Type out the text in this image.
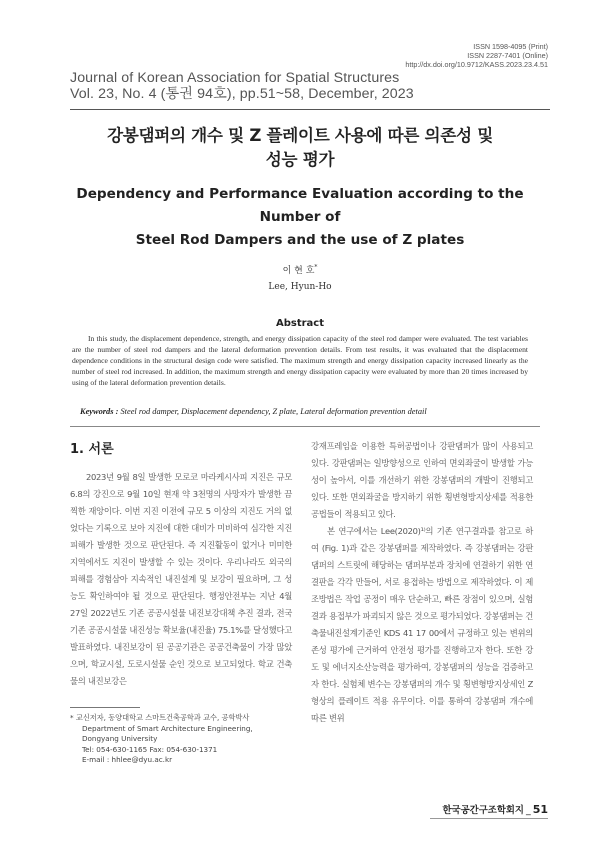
ISSN 1598-4095 (Print)
ISSN 2287-7401 (Online)
http://dx.doi.org/10.9712/KASS.2023.23.4.51
Journal of Korean Association for Spatial Structures
Vol. 23, No. 4 (통권 94호), pp.51~58, December, 2023
강봉댐퍼의 개수 및 Z 플레이트 사용에 따른 의존성 및
성능 평가
Dependency and Performance Evaluation according to the Number of
Steel Rod Dampers and the use of Z plates
이 현 호*
Lee, Hyun-Ho
Abstract
In this study, the displacement dependence, strength, and energy dissipation capacity of the steel rod damper were evaluated. The test variables are the number of steel rod dampers and the lateral deformation prevention details. From test results, it was evaluated that the displacement dependence conditions in the structural design code were satisfied. The maximum strength and energy dissipation capacity increased linearly as the number of steel rod increased. In addition, the maximum strength and energy dissipation capacity were evaluated by more than 20 times increased by using of the lateral deformation prevention details.
Keywords : Steel rod damper, Displacement dependency, Z plate, Lateral deformation prevention detail
1. 서론

2023년 9월 8일 발생한 모로코 마라케시사피 지진은 규모 6.8의 강진으로 9월 10일 현재 약 3천명의 사망자가 발생한 끔찍한 재앙이다. 이번 지진 이전에 규모 5 이상의 지진도 거의 없었다는 기록으로 보아 지진에 대한 대비가 미비하여 심각한 지진 피해가 발생한 것으로 판단된다. 즉 지진활동이 없거나 미미한 지역에서도 지진이 발생할 수 있는 것이다. 우리나라도 외국의 피해를 경험삼아 지속적인 내진설계 및 보강이 필요하며, 그 성능도 확인하여야 될 것으로 판단된다. 행정안전부는 지난 4월 27일 2022년도 기존 공공시설물 내진보강대책 추진 결과, 전국 기존 공공시설물 내진성능 확보율(내진율) 75.1%를 달성했다고 발표하였다. 내진보강이 된 공공기관은 공공건축물이 가장 많았으며, 학교시설, 도로시설물 순인 것으로 보고되었다. 학교 건축물의 내진보강은

강재프레임을 이용한 특허공법이나 강판댐퍼가 많이 사용되고 있다. 강판댐퍼는 일방향성으로 인하여 면외좌굴이 발생할 가능성이 높아서, 이를 개선하기 위한 강봉댐퍼의 개발이 진행되고 있다. 또한 면외좌굴을 방지하기 위한 횡변형방지상세를 적용한 공법들이 적용되고 있다.

본 연구에서는 Lee(2020)¹⁾의 기존 연구결과를 참고로 하여 (Fig. 1)과 같은 강봉댐퍼를 제작하였다. 즉 강봉댐퍼는 강판댐퍼의 스트릿에 해당하는 댐퍼부분과 장치에 연결하기 위한 연결판을 각각 만들어, 서로 용접하는 방법으로 제작하였다. 이 제조방법은 작업 공정이 매우 단순하고, 빠른 장점이 있으며, 실험결과 용접부가 파괴되지 않은 것으로 평가되었다. 강봉댐퍼는 건축물내진설계기준인 KDS 41 17 00에서 규정하고 있는 변위의존성 평가에 근거하여 안전성 평가를 진행하고자 한다. 또한 강도 및 에너지소산능력을 평가하여, 강봉댐퍼의 성능을 검증하고자 한다. 실험체 변수는 강봉댐퍼의 개수 및 횡변형방지상세인 Z 형상의 플레이트 적용 유무이다. 이를 통하여 강봉댐퍼 개수에 따른 변위

* 교신저자, 동양대학교 스마트건축공학과 교수, 공학박사
Department of Smart Architecture Engineering,
Dongyang University
Tel: 054-630-1165 Fax: 054-630-1371
E-mail : hhlee@dyu.ac.kr
한국공간구조학회지 _ 51
